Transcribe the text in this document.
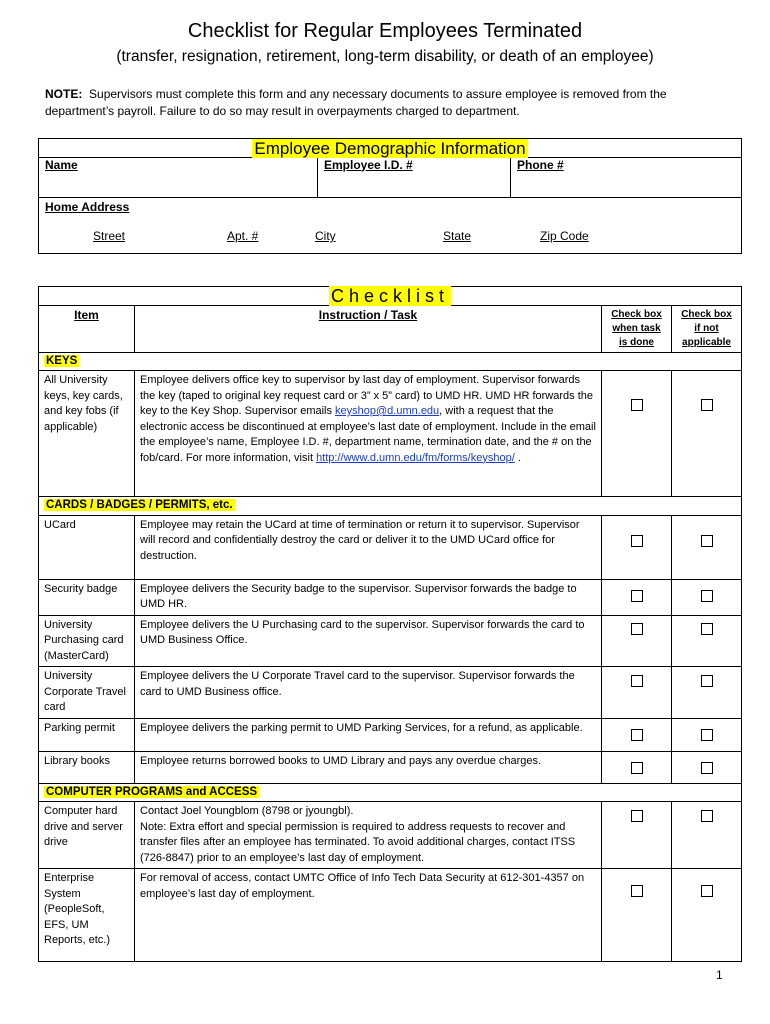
Checklist for Regular Employees Terminated
(transfer, resignation, retirement, long-term disability, or death of an employee)
NOTE: Supervisors must complete this form and any necessary documents to assure employee is removed from the department’s payroll. Failure to do so may result in overpayments charged to department.
Employee Demographic Information
Name	Employee I.D. #	Phone #
Home Address
Street	Apt. #	City	State	Zip Code
Checklist			
Item	Instruction / Task	Check box when task is done	Check box if not applicable
KEYS			
All University keys, key cards, and key fobs (if applicable)	Employee delivers office key to supervisor by last day of employment. Supervisor forwards the key (taped to original key request card or 3” x 5” card) to UMD HR. UMD HR forwards the key to the Key Shop. Supervisor emails keyshop@d.umn.edu, with a request that the electronic access be discontinued at employee’s last date of employment. Include in the email the employee’s name, Employee I.D. #, department name, termination date, and the # on the fob/card. For more information, visit http://www.d.umn.edu/fm/forms/keyshop/ .	

CARDS / BADGES / PERMITS, etc.			
UCard	Employee may retain the UCard at time of termination or return it to supervisor. Supervisor will record and confidentially destroy the card or deliver it to the UMD UCard office for destruction.	

Security badge	Employee delivers the Security badge to the supervisor. Supervisor forwards the badge to UMD HR.	

University Purchasing card (MasterCard)	Employee delivers the U Purchasing card to the supervisor. Supervisor forwards the card to UMD Business Office.	

University Corporate Travel card	Employee delivers the U Corporate Travel card to the supervisor. Supervisor forwards the card to UMD Business office.	

Parking permit	Employee delivers the parking permit to UMD Parking Services, for a refund, as applicable.	

Library books	Employee returns borrowed books to UMD Library and pays any overdue charges.	

COMPUTER PROGRAMS and ACCESS			
Computer hard drive and server drive	Contact Joel Youngblom (8798 or jyoungbl).
Note: Extra effort and special permission is required to address requests to recover and transfer files after an employee has terminated. To avoid additional charges, contact ITSS (726-8847) prior to an employee’s last day of employment.	

Enterprise System (PeopleSoft, EFS, UM Reports, etc.)	For removal of access, contact UMTC Office of Info Tech Data Security at 612-301-4357 on employee’s last day of employment.	

1
